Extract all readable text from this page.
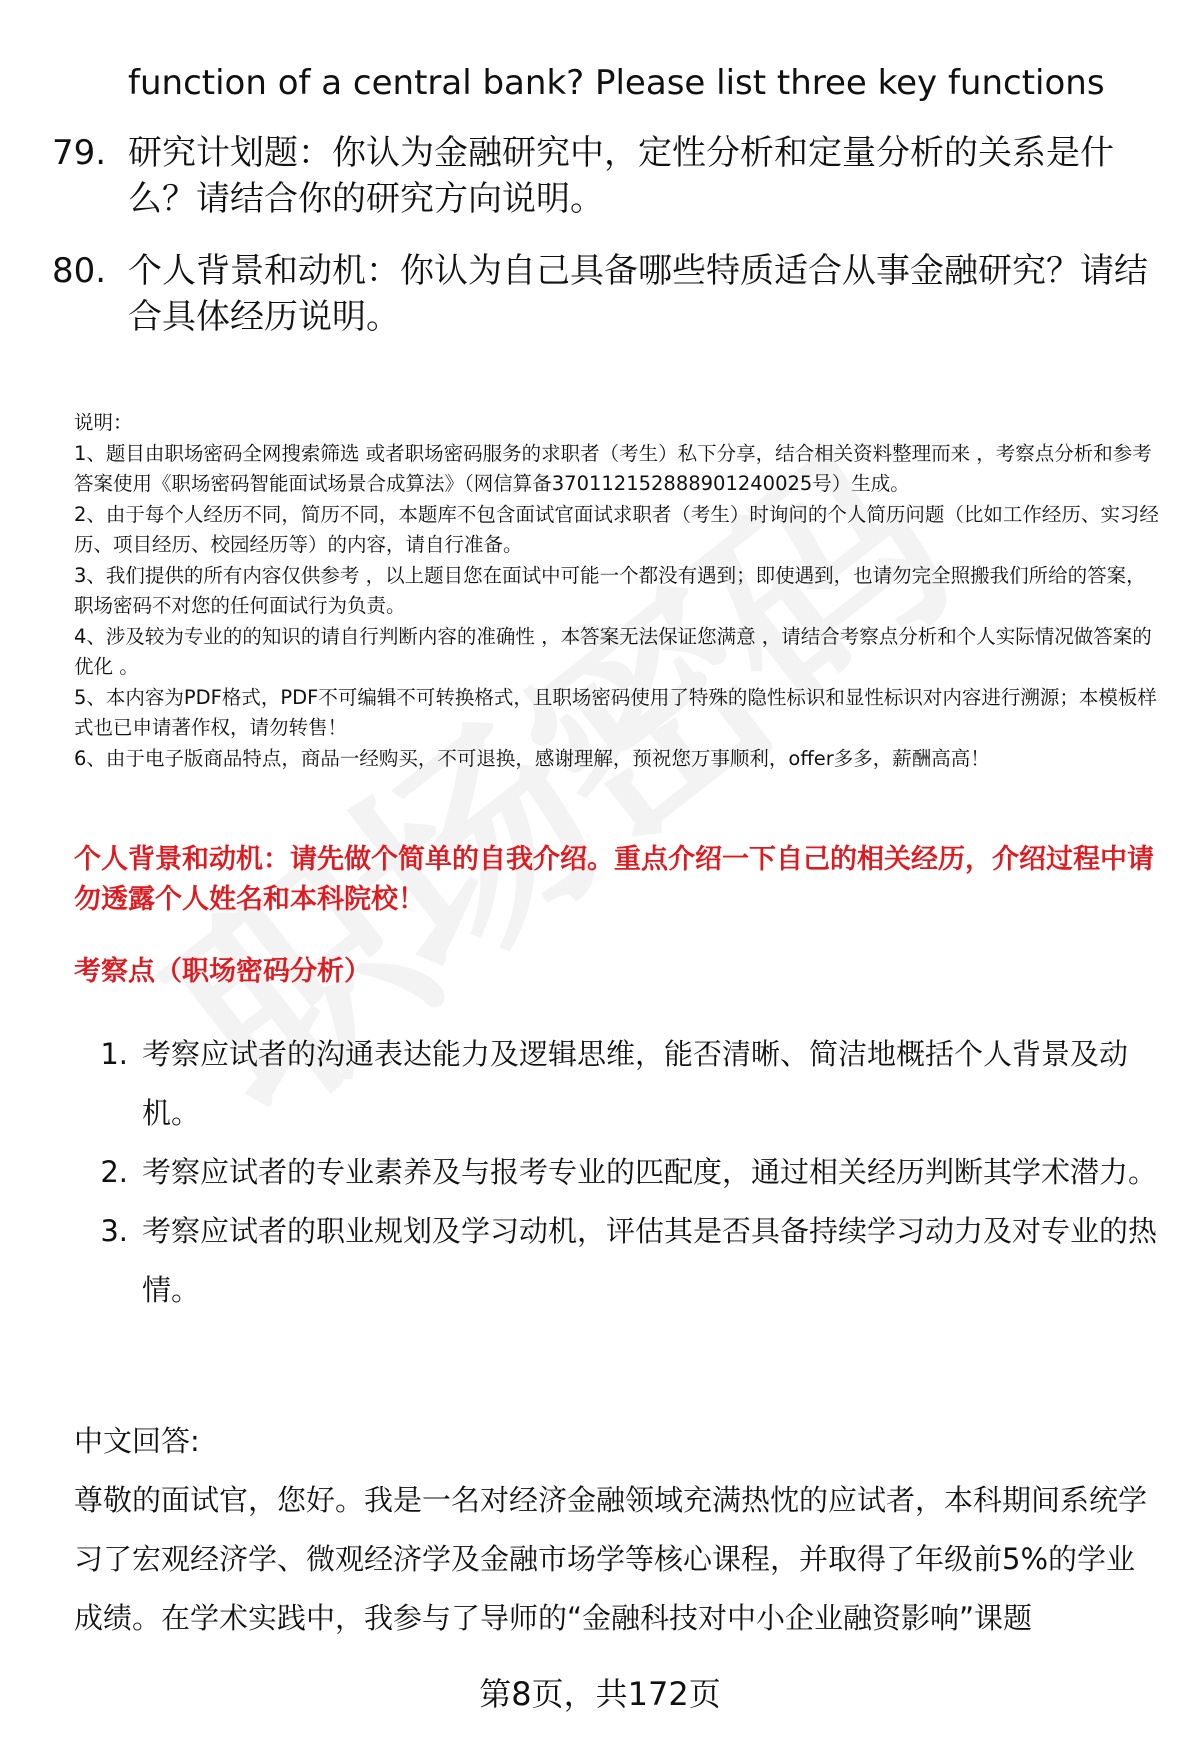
function of a central bank? Please list three key functions
79. 研究计划题：你认为金融研究中，定性分析和定量分析的关系是什么？请结合你的研究方向说明。
80. 个人背景和动机：你认为自己具备哪些特质适合从事金融研究？请结合具体经历说明。

说明：

1、题目由职场密码全网搜索筛选 或者职场密码服务的求职者（考生）私下分享，结合相关资料整理而来 ，考察点分析和参考答案使用《职场密码智能面试场景合成算法》（网信算备370112152888901240025号）生成。

2、由于每个人经历不同，简历不同，本题库不包含面试官面试求职者（考生）时询问的个人简历问题（比如工作经历、实习经历、项目经历、校园经历等）的内容，请自行准备。

3、我们提供的所有内容仅供参考 ，以上题目您在面试中可能一个都没有遇到；即使遇到，也请勿完全照搬我们所给的答案，职场密码不对您的任何面试行为负责。

4、涉及较为专业的的知识的请自行判断内容的准确性 ，本答案无法保证您满意 ，请结合考察点分析和个人实际情况做答案的优化 。

5、本内容为PDF格式，PDF不可编辑不可转换格式，且职场密码使用了特殊的隐性标识和显性标识对内容进行溯源；本模板样式也已申请著作权，请勿转售！

6、由于电子版商品特点，商品一经购买，不可退换，感谢理解，预祝您万事顺利，offer多多，薪酬高高！

个人背景和动机：请先做个简单的自我介绍。重点介绍一下自己的相关经历，介绍过程中请勿透露个人姓名和本科院校！
考察点（职场密码分析）
1. 考察应试者的沟通表达能力及逻辑思维，能否清晰、简洁地概括个人背景及动机。
2. 考察应试者的专业素养及与报考专业的匹配度，通过相关经历判断其学术潜力。
3. 考察应试者的职业规划及学习动机，评估其是否具备持续学习动力及对专业的热情。
中文回答:

尊敬的面试官，您好。我是一名对经济金融领域充满热忱的应试者，本科期间系统学习了宏观经济学、微观经济学及金融市场学等核心课程，并取得了年级前5%的学业成绩。在学术实践中，我参与了导师的“金融科技对中小企业融资影响”课题

第8页，共172页
